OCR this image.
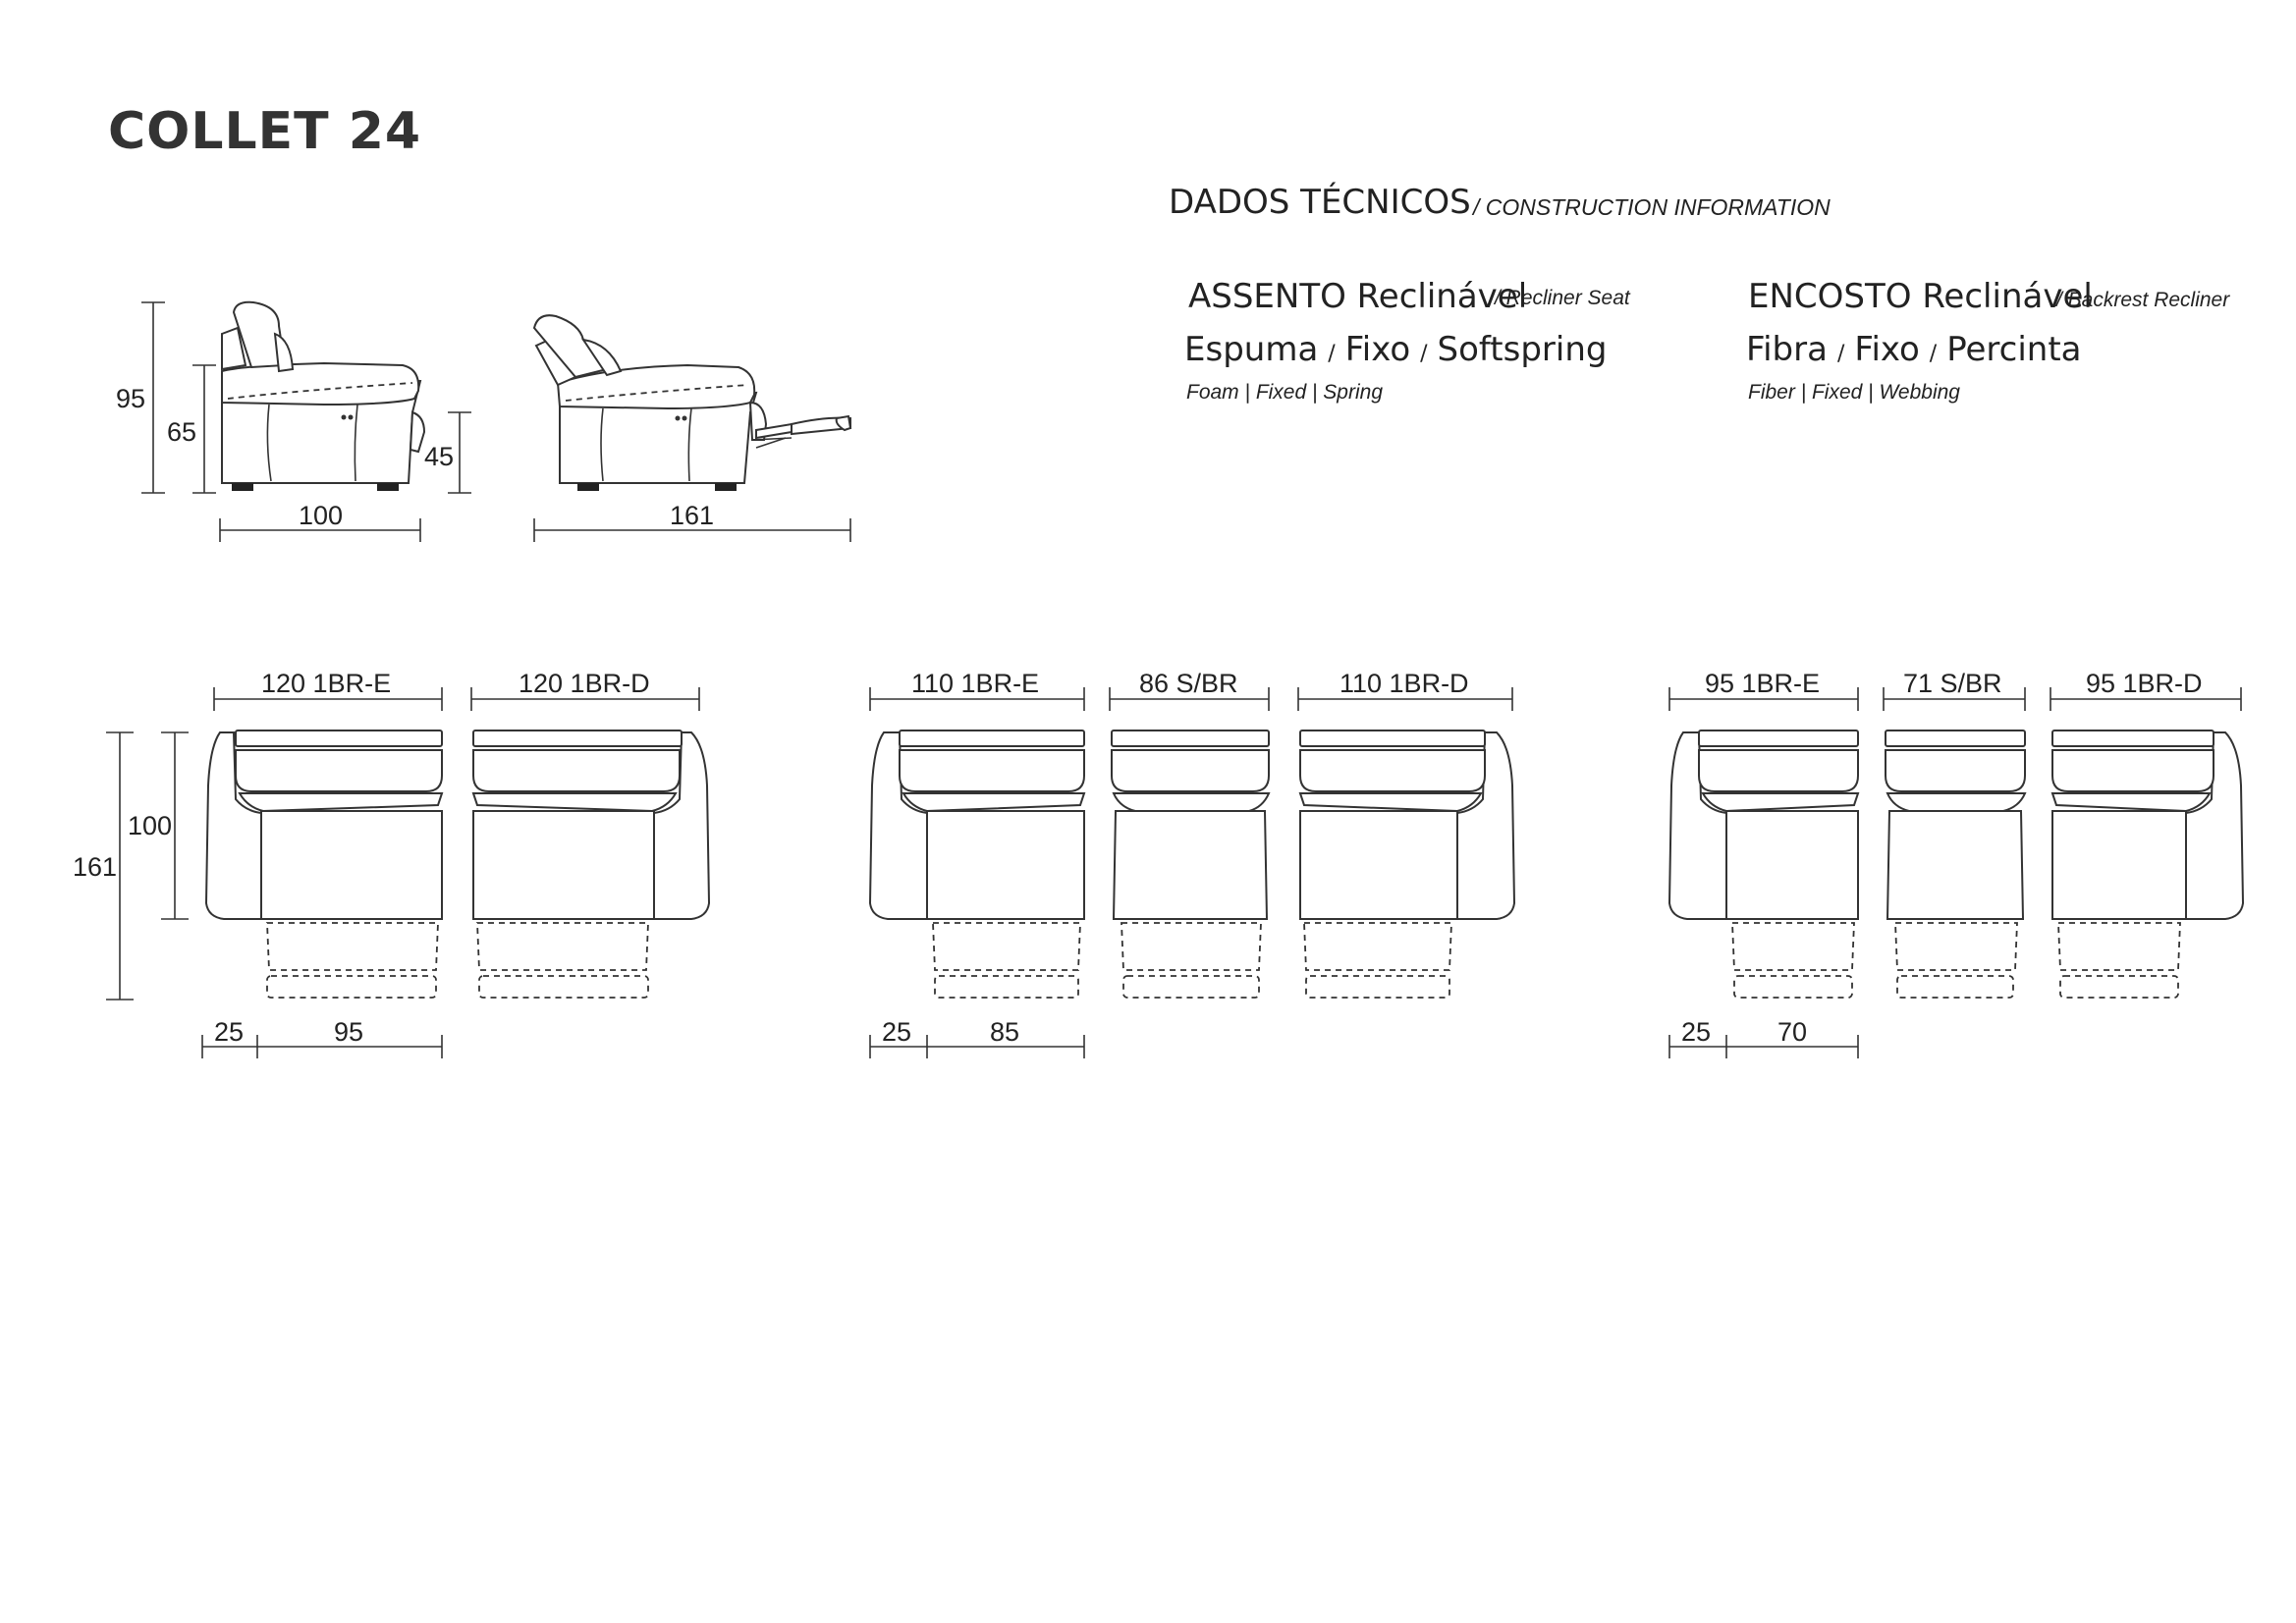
COLLET 24
DADOS TÉCNICOS / CONSTRUCTION INFORMATION
ASSENTO Reclinável
/ Recliner Seat
Espuma / Fixo / Softspring
Foam | Fixed | Spring
ENCOSTO Reclinável
/ Backrest Recliner
Fibra / Fixo / Percinta
Fiber | Fixed | Webbing
95
65
45
100	161
161
100
120 1BR-E	120 1BR-D
25	95
110 1BR-E	86 S/BR	110 1BR-D
25	85
95 1BR-E	71 S/BR	95 1BR-D
25	70
